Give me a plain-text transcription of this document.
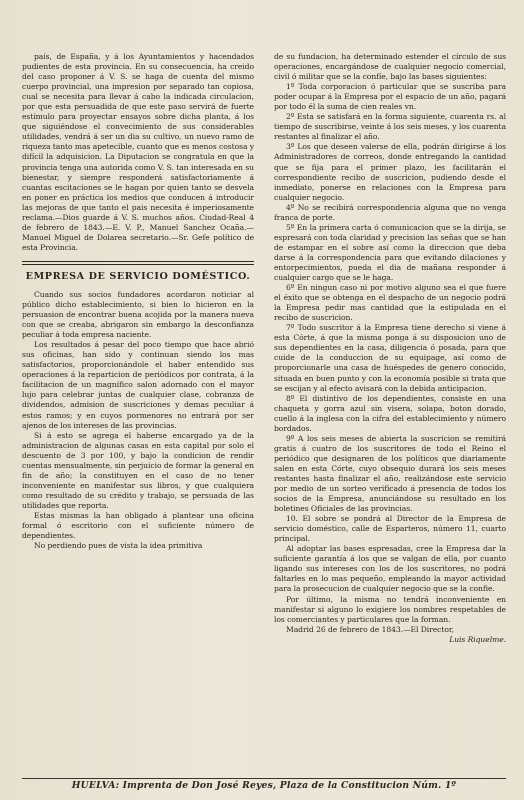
país, de España, y á los Ayuntamientos y hacendados pudientes de esta provincia. En su consecuencia, ha creido del caso proponer á V. S. se haga de cuenta del mismo cuerpo provincial, una impresion por separado tan copiosa, cual se necesita para llevar á cabo la indicada circulacion, por que esta persuadida de que este paso servirá de fuerte estímulo para proyectar ensayos sobre dicha planta, á los que siguiéndose el convecimiento de sus considerables utilidades, vendrá á ser un dia su cultivo, un nuevo ramo de riqueza tanto mas apetecible, cuanto que es menos costosa y difícil la adquisicion. La Diputacion se congratula en que la provincia tenga una autorida como V. S. tan interesada en su bienestar, y siempre responderá satisfactoriamente á cuantas escitaciones se le hagan por quien tanto se desvela en poner en práctica los medios que conducen á introducir las mejoras de que tanto el pais necesita é imperiosamente reclama.—Dios guarde á V. S. muchos años. Ciudad-Real 4 de febrero de 1843.—E. V. P., Manuel Sanchez Ocaña.—Manuel Miguel de Dolarea secretario.—Sr. Gefe político de esta Provincia.

EMPRESA DE SERVICIO DOMÉSTICO.

Cuando sus socios fundadores acordaron noticiar al público dicho establecimiento, si bien lo hicieron en la persuasion de encontrar buena acojida por la manera nueva con que se creaba, abrigaron sin embargo la desconfianza peculiar á toda empresa naciente.

Los resultados á pesar del poco tiempo que hace abrió sus oficinas, han sido y continuan siendo los mas satisfactorios, proporcionándole el haber entendido sus operaciones á la reparticion de periódicos por contrata, á la facilitacion de un magnífico salon adornado con el mayor lujo para celebrar juntas de cualquier clase, cobranza de dividendos, admision de suscriciones y demas peculiar á estos ramos; y en cuyos pormenores no entrará por ser ajenos de los intereses de las provincias.

Si á esto se agrega el haberse encargado ya de la administracion de algunas casas en esta capital por solo el descuento de 3 por 100, y bajo la condicion de rendir cuentas mensualmente, sin perjuicio de formar la general en fin de año; la constituyen en el caso de no tener inconveniente en manifestar sus libros, y que cualquiera como resultado de su crédito y trabajo, se persuada de las utilidades que reporta.

Estas mismas la han obligado á plantear una oficina formal ó escritorio con el suficiente número de dependientes.

No perdiendo pues de vista la idea primitiva

de su fundacion, ha determinado estender el círculo de sus operaciones, encargándose de cualquier negocio comercial, civil ó militar que se la confíe, bajo las bases siguientes:

1º Toda corporacion ó particular que se suscriba para poder ocupar á la Empresa por el espacio de un año, pagará por todo él la suma de cien reales vn.

2º Esta se satisfará en la forma siguiente, cuarenta rs. al tiempo de suscribirse, veinte á los seis meses, y los cuarenta restantes al finalizar el año.

3º Los que deseen valerse de ella, podrán dirigirse á los Administradores de correos, donde entregando la cantidad que se fija para el primer plazo, les facilitarán el correspondiente recibo de suscricion, pudiendo desde el inmediato, ponerse en relaciones con la Empresa para cualquier negocio.

4º No se recibirá correspondencia alguna que no venga franca de porte.

5º En la primera carta ó comunicacion que se la dirija, se espresará con toda claridad y precision las señas que se han de estampar en el sobre así como la direccion que deba darse á la correspondencia para que evitando dilaciones y entorpecimientos, pueda el dia de mañana responder á cualquier cargo que se le haga.

6º En ningun caso ni por motivo alguno sea el que fuere el éxito que se obtenga en el despacho de un negocio podrá la Empresa pedir mas cantidad que la estipulada en el recibo de suscricion.

7º Todo suscritor á la Empresa tiene derecho si viene á esta Córte, á que la misma ponga á su disposicion uno de sus dependientes en la casa, diligencia ó posada, para que cuide de la conduccion de su equipage, así como de proporcionarle una casa de huéspedes de genero conocido, situada en buen punto y con la economía posible si trata que se escijan y al efecto avisará con la debida anticipacion.

8º El distintivo de los dependientes, consiste en una chaqueta y gorra azul sin visera, solapa, boton dorado, cuello á la inglesa con la cifra del establecimiento y número bordados.

9º A los seis meses de abierta la suscricion se remitirá gratis á cuatro de los suscritores de todo el Reino el periódico que designaren de los políticos que diariamente salen en esta Córte, cuyo obsequio durará los seis meses restantes hasta finalizar el año, realizándose este servicio por medio de un sorteo verificado á presencia de todos los socios de la Empresa, anunciándose su resultado en los boletines Oficiales de las provincias.

10. El sobre se pondrá al Director de la Empresa de servicio doméstico, calle de Esparteros, número 11, cuarto principal.

Al adoptar las bases espresadas, cree la Empresa dar la suficiente garantía á los que se valgan de ella, por cuanto ligando sus intereses con los de los suscritores, no podrá faltarles en lo mas pequeño, empleando la mayor actividad para la prosecucion de cualquier negocio que se la confie.

Por último, la misma no tendrá inconveniente en manifestar si alguno lo exigiere los nombres respetables de los comerciantes y particulares que la forman.

Madrid 26 de febrero de 1843.—El Director,

Luis Riquelme.

HUELVA: Imprenta de Don José Reyes, Plaza de la Constitucion Núm. 1º
